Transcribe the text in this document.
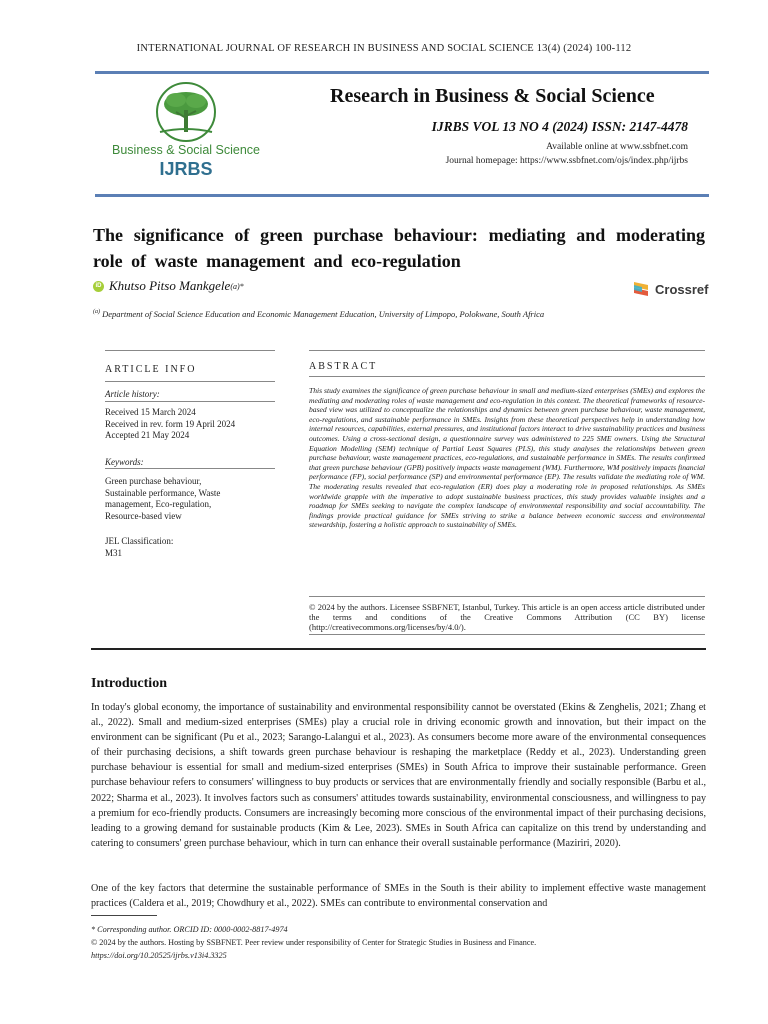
INTERNATIONAL JOURNAL OF RESEARCH IN BUSINESS AND SOCIAL SCIENCE 13(4) (2024) 100-112
Business & Social Science
IJRBS
Research in Business & Social Science
IJRBS VOL 13 NO 4 (2024) ISSN: 2147-4478
Available online at www.ssbfnet.com
Journal homepage: https://www.ssbfnet.com/ojs/index.php/ijrbs
The significance of green purchase behaviour: mediating and moderating role of waste management and eco-regulation
iD Khutso Pitso Mankgele (a)*	Crossref
$^{(a)}$ Department of Social Science Education and Economic Management Education, University of Limpopo, Polokwane, South Africa
ARTICLE INFO	ABSTRACT
Article history:
Received 15 March 2024
Received in rev. form 19 April 2024
Accepted 21 May 2024
Keywords:
Green purchase behaviour,
Sustainable performance, Waste
management, Eco-regulation,
Resource-based view
JEL Classification:
M31
This study examines the significance of green purchase behaviour in small and medium-sized enterprises (SMEs) and explores the mediating and moderating roles of waste management and eco-regulation in this context. The theoretical frameworks of resource-based view was utilized to conceptualize the relationships and dynamics between green purchase behaviour, waste management, eco-regulations, and sustainable performance in SMEs. Insights from these theoretical perspectives help in understanding how internal resources, capabilities, external pressures, and institutional factors interact to drive sustainability practices and business outcomes. Using a cross-sectional design, a questionnaire survey was administered to 225 SME owners. Using the Structural Equation Modelling (SEM) technique of Partial Least Squares (PLS), this study analyses the relationships between green purchase behaviour, waste management practices, eco-regulations, and sustainable performance in SMEs. The results confirmed that green purchase behaviour (GPB) positively impacts waste management (WM). Furthermore, WM positively impacts financial performance (FP), social performance (SP) and environmental performance (EP). The results validate the mediating role of WM. The moderating results revealed that eco-regulation (ER) does play a moderating role in proposed relationships. As SMEs worldwide grapple with the imperative to adopt sustainable business practices, this study provides valuable insights and a roadmap for SMEs seeking to navigate the complex landscape of environmental responsibility and social accountability. The findings provide practical guidance for SMEs striving to strike a balance between economic success and environmental stewardship, fostering a holistic approach to sustainability of SMEs.
© 2024 by the authors. Licensee SSBFNET, Istanbul, Turkey. This article is an open access article distributed under the terms and conditions of the Creative Commons Attribution (CC BY) license (http://creativecommons.org/licenses/by/4.0/).
Introduction
In today's global economy, the importance of sustainability and environmental responsibility cannot be overstated (Ekins & Zenghelis, 2021; Zhang et al., 2022). Small and medium-sized enterprises (SMEs) play a crucial role in driving economic growth and innovation, but their impact on the environment can be significant (Pu et al., 2023; Sarango-Lalangui et al., 2023). As consumers become more aware of the environmental consequences of their purchasing decisions, a shift towards green purchase behaviour is reshaping the marketplace (Reddy et al., 2023). Understanding green purchase behaviour is essential for small and medium-sized enterprises (SMEs) in South Africa to improve their sustainable performance. Green purchase behaviour refers to consumers' willingness to buy products or services that are environmentally friendly and socially responsible (Barbu et al., 2022; Sharma et al., 2023). It involves factors such as consumers' attitudes towards sustainability, environmental consciousness, and willingness to pay a premium for eco-friendly products. Consumers are increasingly becoming more conscious of the environmental impact of their purchasing decisions, leading to a growing demand for sustainable products (Kim & Lee, 2023). SMEs in South Africa can capitalize on this trend by understanding and catering to consumers' green purchase behaviour, which in turn can enhance their overall sustainable performance (Maziriri, 2020).
One of the key factors that determine the sustainable performance of SMEs in the South is their ability to implement effective waste management practices (Caldera et al., 2019; Chowdhury et al., 2022). SMEs can contribute to environmental conservation and
* Corresponding author. ORCID ID: 0000-0002-8817-4974
© 2024 by the authors. Hosting by SSBFNET. Peer review under responsibility of Center for Strategic Studies in Business and Finance.
https://doi.org/10.20525/ijrbs.v13i4.3325
